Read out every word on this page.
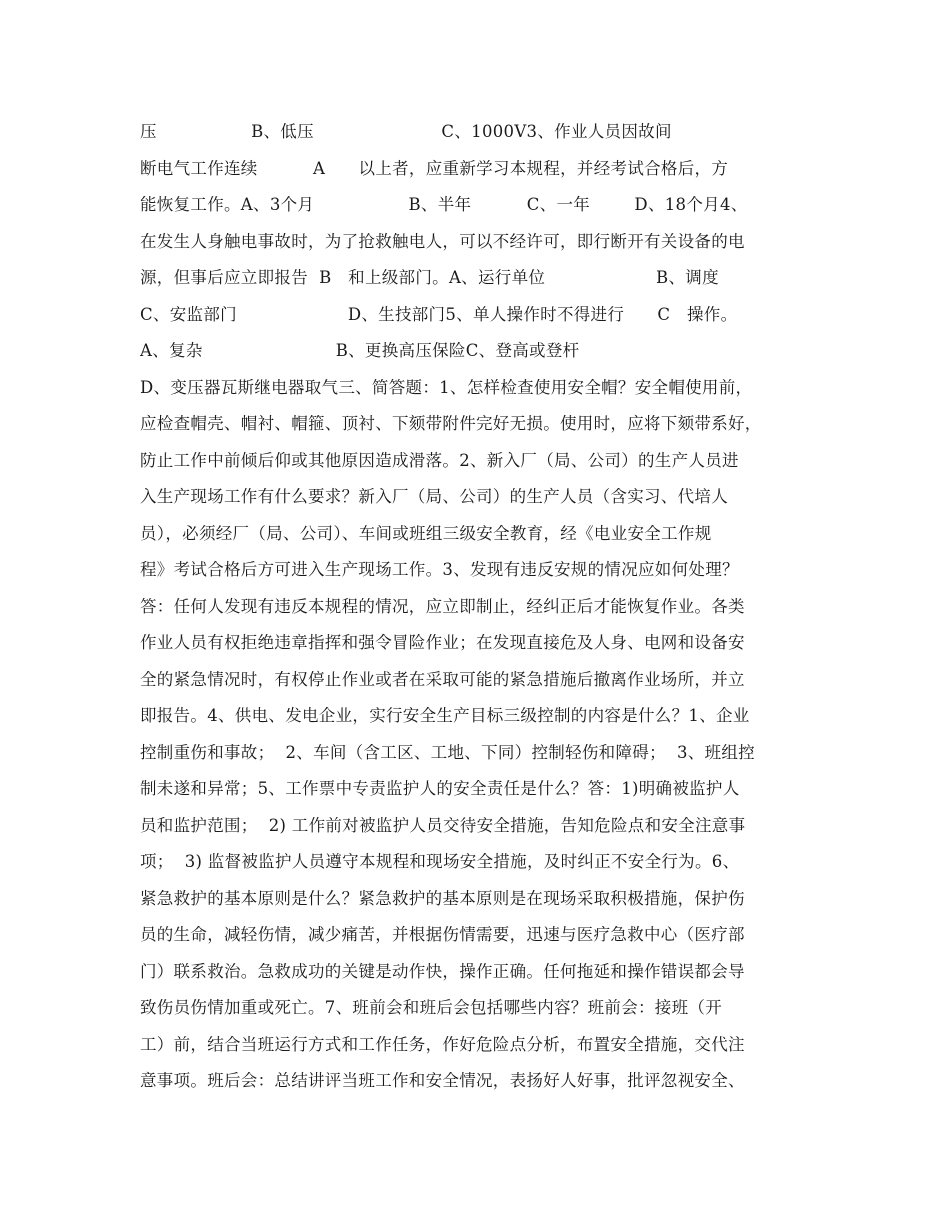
压                 B、低压                       C、1000V3、作业人员因故间
断电气工作连续          A      以上者，应重新学习本规程，并经考试合格后，方
能恢复工作。A、3个月                 B、半年          C、一年        D、18个月4、
在发生人身触电事故时，为了抢救触电人，可以不经许可，即行断开有关设备的电
源，但事后应立即报告  B   和上级部门。A、运行单位                    B、调度
C、安监部门                    D、生技部门5、单人操作时不得进行      C   操作。
A、复杂                        B、更换高压保险C、登高或登杆
D、变压器瓦斯继电器取气三、简答题：1、怎样检查使用安全帽？安全帽使用前，
应检查帽壳、帽衬、帽箍、顶衬、下颏带附件完好无损。使用时，应将下颏带系好，
防止工作中前倾后仰或其他原因造成滑落。2、新入厂（局、公司）的生产人员进
入生产现场工作有什么要求？新入厂（局、公司）的生产人员（含实习、代培人
员），必须经厂（局、公司）、车间或班组三级安全教育，经《电业安全工作规
程》考试合格后方可进入生产现场工作。3、发现有违反安规的情况应如何处理？
答：任何人发现有违反本规程的情况，应立即制止，经纠正后才能恢复作业。各类
作业人员有权拒绝违章指挥和强令冒险作业；在发现直接危及人身、电网和设备安
全的紧急情况时，有权停止作业或者在采取可能的紧急措施后撤离作业场所，并立
即报告。4、供电、发电企业，实行安全生产目标三级控制的内容是什么？1、企业
控制重伤和事故；  2、车间（含工区、工地、下同）控制轻伤和障碍；  3、班组控
制未遂和异常；5、工作票中专责监护人的安全责任是什么？答：1)明确被监护人
员和监护范围；  2) 工作前对被监护人员交待安全措施，告知危险点和安全注意事
项；  3) 监督被监护人员遵守本规程和现场安全措施，及时纠正不安全行为。6、
紧急救护的基本原则是什么？紧急救护的基本原则是在现场采取积极措施，保护伤
员的生命，减轻伤情，减少痛苦，并根据伤情需要，迅速与医疗急救中心（医疗部
门）联系救治。急救成功的关键是动作快，操作正确。任何拖延和操作错误都会导
致伤员伤情加重或死亡。7、班前会和班后会包括哪些内容？班前会：接班（开
工）前，结合当班运行方式和工作任务，作好危险点分析，布置安全措施，交代注
意事项。班后会：总结讲评当班工作和安全情况，表扬好人好事，批评忽视安全、
